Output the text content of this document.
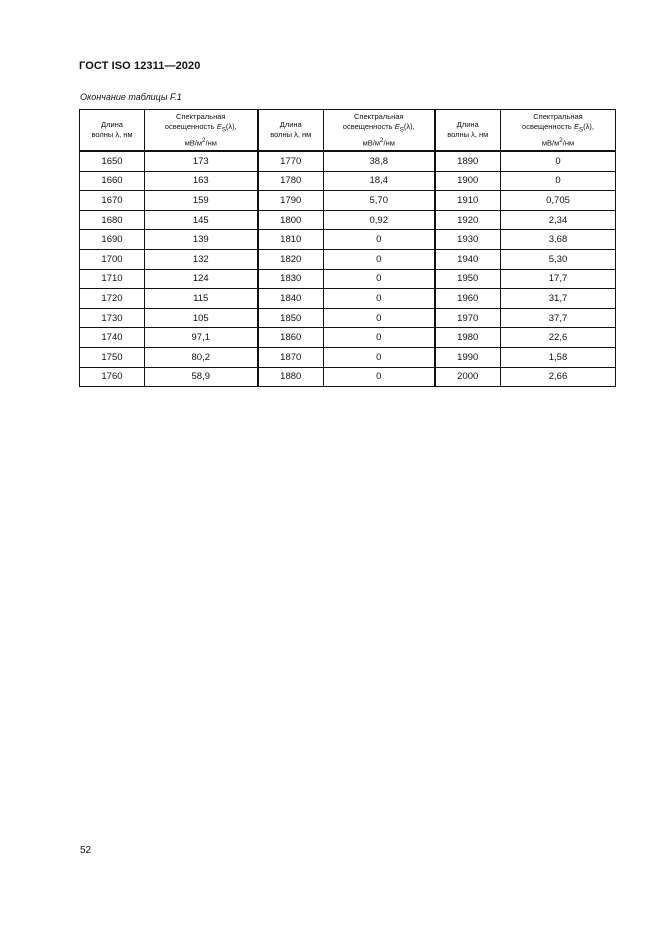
ГОСТ ISO 12311—2020
Окончание таблицы F.1
Длина
волны λ, нм	Спектральная
освещенность $E_S(\lambda)$,
$мВ/м^2/нм$	Длина
волны λ, нм	Спектральная
освещенность $E_S(\lambda)$,
$мВ/м^2/нм$	Длина
волны λ, нм	Спектральная
освещенность $E_S(\lambda)$,
$мВ/м^2/нм$
1650	173	1770	38,8	1890	0
1660	163	1780	18,4	1900	0
1670	159	1790	5,70	1910	0,705
1680	145	1800	0,92	1920	2,34
1690	139	1810	0	1930	3,68
1700	132	1820	0	1940	5,30
1710	124	1830	0	1950	17,7
1720	115	1840	0	1960	31,7
1730	105	1850	0	1970	37,7
1740	97,1	1860	0	1980	22,6
1750	80,2	1870	0	1990	1,58
1760	58,9	1880	0	2000	2,66
52
